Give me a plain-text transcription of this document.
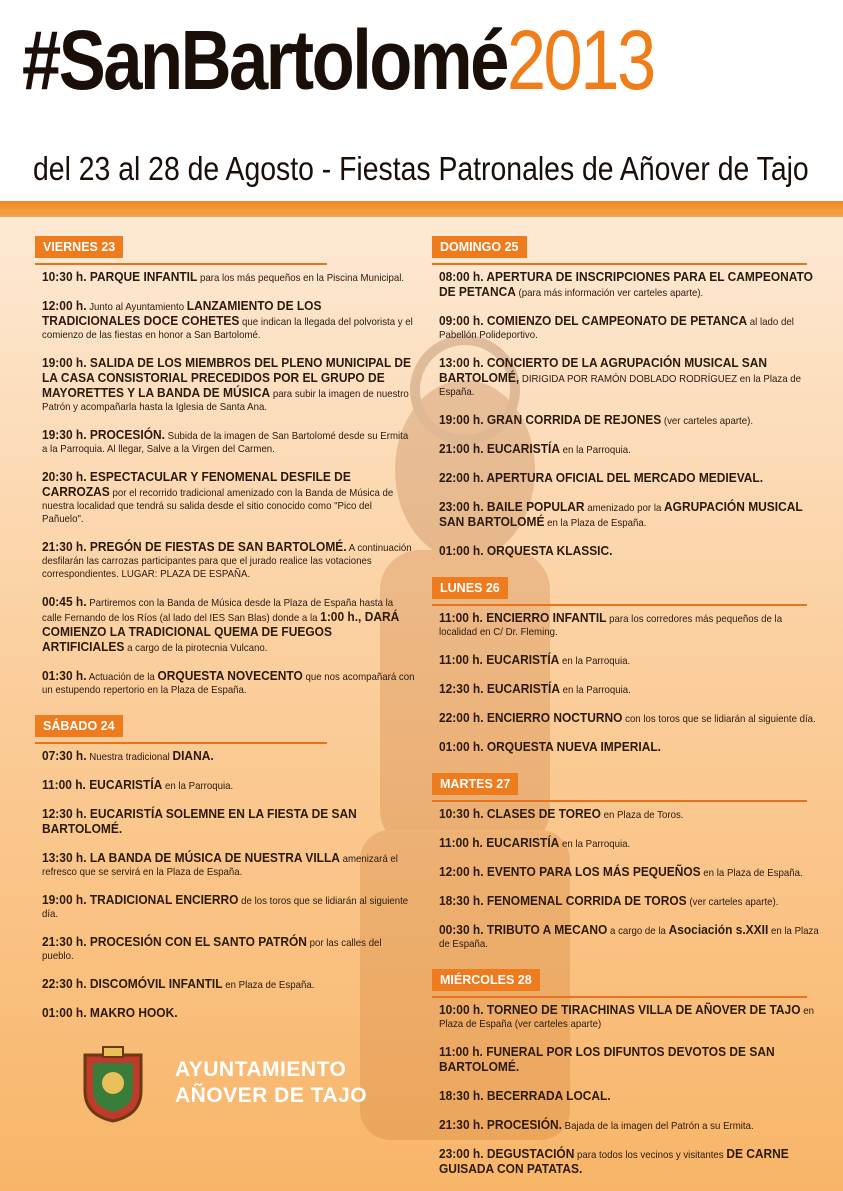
#SanBartolomé2013
del 23 al 28 de Agosto - Fiestas Patronales de Añover de Tajo
VIERNES 23
10:30 h. PARQUE INFANTIL para los más pequeños en la Piscina Municipal.
12:00 h. Junto al Ayuntamiento LANZAMIENTO DE LOS TRADICIONALES DOCE COHETES que indican la llegada del polvorista y el comienzo de las fiestas en honor a San Bartolomé.
19:00 h. SALIDA DE LOS MIEMBROS DEL PLENO MUNICIPAL DE LA CASA CONSISTORIAL PRECEDIDOS POR EL GRUPO DE MAYORETTES Y LA BANDA DE MÚSICA para subir la imagen de nuestro Patrón y acompañarla hasta la Iglesia de Santa Ana.
19:30 h. PROCESIÓN. Subida de la imagen de San Bartolomé desde su Ermita a la Parroquia. Al llegar, Salve a la Virgen del Carmen.
20:30 h. ESPECTACULAR Y FENOMENAL DESFILE DE CARROZAS por el recorrido tradicional amenizado con la Banda de Música de nuestra localidad que tendrá su salida desde el sitio conocido como "Pico del Pañuelo".
21:30 h. PREGÓN DE FIESTAS DE SAN BARTOLOMÉ. A continuación desfilarán las carrozas participantes para que el jurado realice las votaciones correspondientes. LUGAR: PLAZA DE ESPAÑA.
00:45 h. Partiremos con la Banda de Música desde la Plaza de España hasta la calle Fernando de los Ríos (al lado del IES San Blas) donde a la 1:00 h., DARÁ COMIENZO LA TRADICIONAL QUEMA DE FUEGOS ARTIFICIALES a cargo de la pirotecnia Vulcano.
01:30 h. Actuación de la ORQUESTA NOVECENTO que nos acompañará con un estupendo repertorio en la Plaza de España.
SÁBADO 24
07:30 h. Nuestra tradicional DIANA.
11:00 h. EUCARISTÍA en la Parroquia.
12:30 h. EUCARISTÍA SOLEMNE EN LA FIESTA DE SAN BARTOLOMÉ.
13:30 h. LA BANDA DE MÚSICA DE NUESTRA VILLA amenizará el refresco que se servirá en la Plaza de España.
19:00 h. TRADICIONAL ENCIERRO de los toros que se lidiarán al siguiente día.
21:30 h. PROCESIÓN CON EL SANTO PATRÓN por las calles del pueblo.
22:30 h. DISCOMÓVIL INFANTIL en Plaza de España.
01:00 h. MAKRO HOOK.
DOMINGO 25
08:00 h. APERTURA DE INSCRIPCIONES PARA EL CAMPEONATO DE PETANCA (para más información ver carteles aparte).
09:00 h. COMIENZO DEL CAMPEONATO DE PETANCA al lado del Pabellón Polideportivo.
13:00 h. CONCIERTO DE LA AGRUPACIÓN MUSICAL SAN BARTOLOMÉ, DIRIGIDA POR RAMÓN DOBLADO RODRÍGUEZ en la Plaza de España.
19:00 h. GRAN CORRIDA DE REJONES (ver carteles aparte).
21:00 h. EUCARISTÍA en la Parroquia.
22:00 h. APERTURA OFICIAL DEL MERCADO MEDIEVAL.
23:00 h. BAILE POPULAR amenizado por la AGRUPACIÓN MUSICAL SAN BARTOLOMÉ en la Plaza de España.
01:00 h. ORQUESTA KLASSIC.
LUNES 26
11:00 h. ENCIERRO INFANTIL para los corredores más pequeños de la localidad en C/ Dr. Fleming.
11:00 h. EUCARISTÍA en la Parroquia.
12:30 h. EUCARISTÍA en la Parroquia.
22:00 h. ENCIERRO NOCTURNO con los toros que se lidiarán al siguiente día.
01:00 h. ORQUESTA NUEVA IMPERIAL.
MARTES 27
10:30 h. CLASES DE TOREO en Plaza de Toros.
11:00 h. EUCARISTÍA en la Parroquia.
12:00 h. EVENTO PARA LOS MÁS PEQUEÑOS en la Plaza de España.
18:30 h. FENOMENAL CORRIDA DE TOROS (ver carteles aparte).
00:30 h. TRIBUTO A MECANO a cargo de la Asociación s.XXII en la Plaza de España.
MIÉRCOLES 28
10:00 h. TORNEO DE TIRACHINAS VILLA DE AÑOVER DE TAJO en Plaza de España (ver carteles aparte)
11:00 h. FUNERAL POR LOS DIFUNTOS DEVOTOS DE SAN BARTOLOMÉ.
18:30 h. BECERRADA LOCAL.
21:30 h. PROCESIÓN. Bajada de la imagen del Patrón a su Ermita.
23:00 h. DEGUSTACIÓN para todos los vecinos y visitantes DE CARNE GUISADA CON PATATAS.
AYUNTAMIENTO
AÑOVER DE TAJO
